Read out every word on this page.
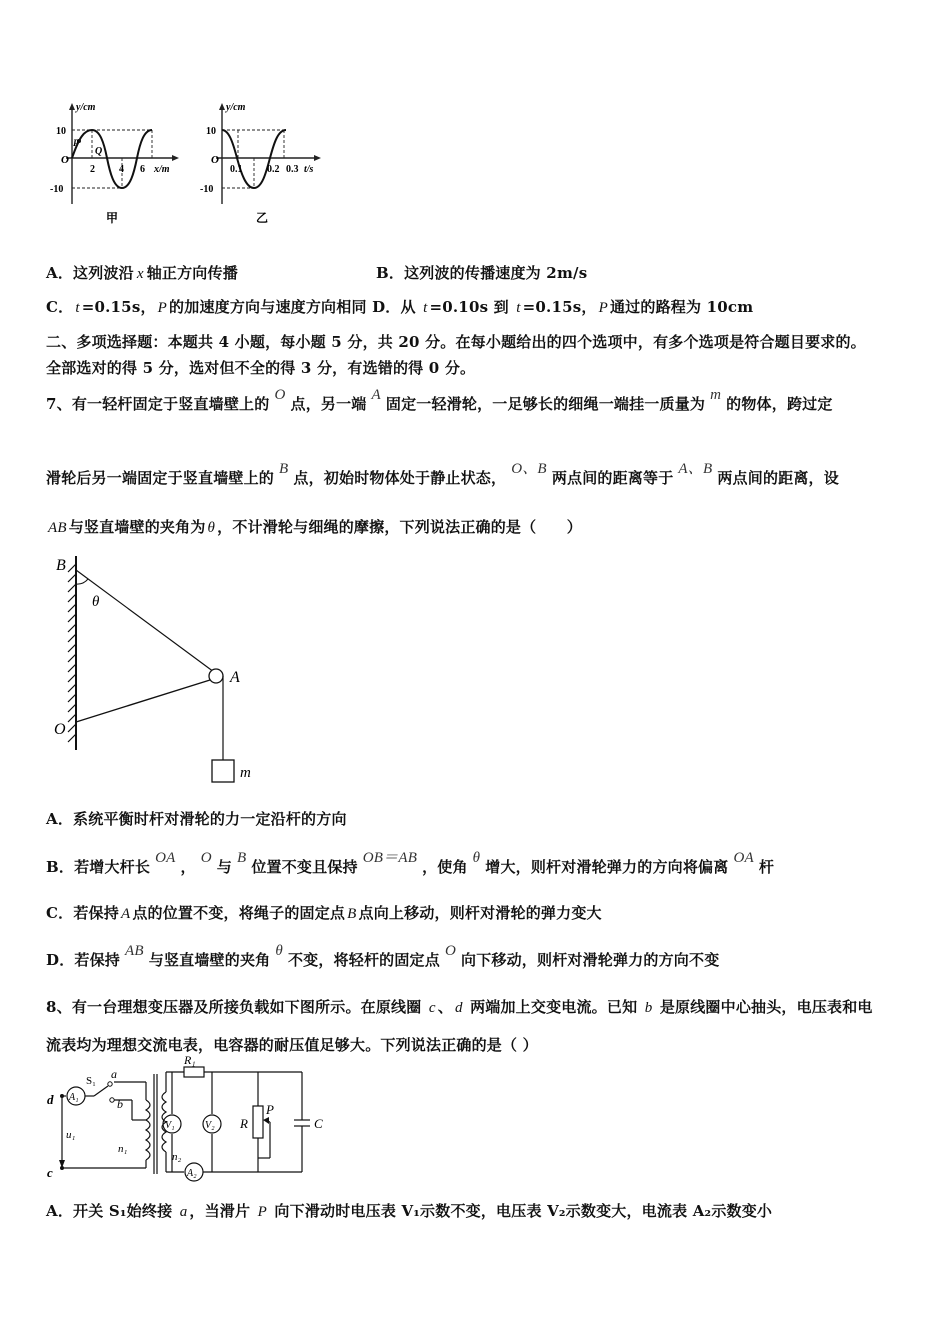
y/cm
10
-10
O
P
Q
2 4 6 x/m
甲
y/cm
10
-10
O
0.1 0.2 0.3 t/s
乙
A．这列波沿 x 轴正方向传播	B．这列波的传播速度为 2m/s
C． t =0.15s， P 的加速度方向与速度方向相同 D．从 t =0.10s 到 t =0.15s， P 通过的路程为 10cm
二、多项选择题：本题共 4 小题，每小题 5 分，共 20 分。在每小题给出的四个选项中，有多个选项是符合题目要求的。
全部选对的得 5 分，选对但不全的得 3 分，有选错的得 0 分。
7、有一轻杆固定于竖直墙壁上的 O 点，另一端 A 固定一轻滑轮，一足够长的细绳一端挂一质量为 m 的物体，跨过定
滑轮后另一端固定于竖直墙壁上的 B 点，初始时物体处于静止状态， O、B 两点间的距离等于 A、B 两点间的距离，设
AB 与竖直墙壁的夹角为 θ ，不计滑轮与细绳的摩擦，下列说法正确的是（　　）
B
θ
A
O
m
A．系统平衡时杆对滑轮的力一定沿杆的方向
B．若增大杆长 OA ， O 与 B 位置不变且保持 OB＝AB ，使角 θ 增大，则杆对滑轮弹力的方向将偏离 OA 杆
C．若保持 A 点的位置不变，将绳子的固定点 B 点向上移动，则杆对滑轮的弹力变大
D．若保持 AB 与竖直墙壁的夹角 θ 不变，将轻杆的固定点 O 向下移动，则杆对滑轮弹力的方向不变
8、有一台理想变压器及所接负载如下图所示。在原线圈 c 、 d 两端加上交变电流。已知 b 是原线圈中心抽头，电压表和电
流表均为理想交流电表，电容器的耐压值足够大。下列说法正确的是（ ）
d
c
A₁
S₁ a
b
u₁
n₁
n₂
R₁
V₁	V₂
A₂
R
P
C
A．开关 S₁始终接 a ，当滑片 P 向下滑动时电压表 V₁示数不变，电压表 V₂示数变大，电流表 A₂示数变小
